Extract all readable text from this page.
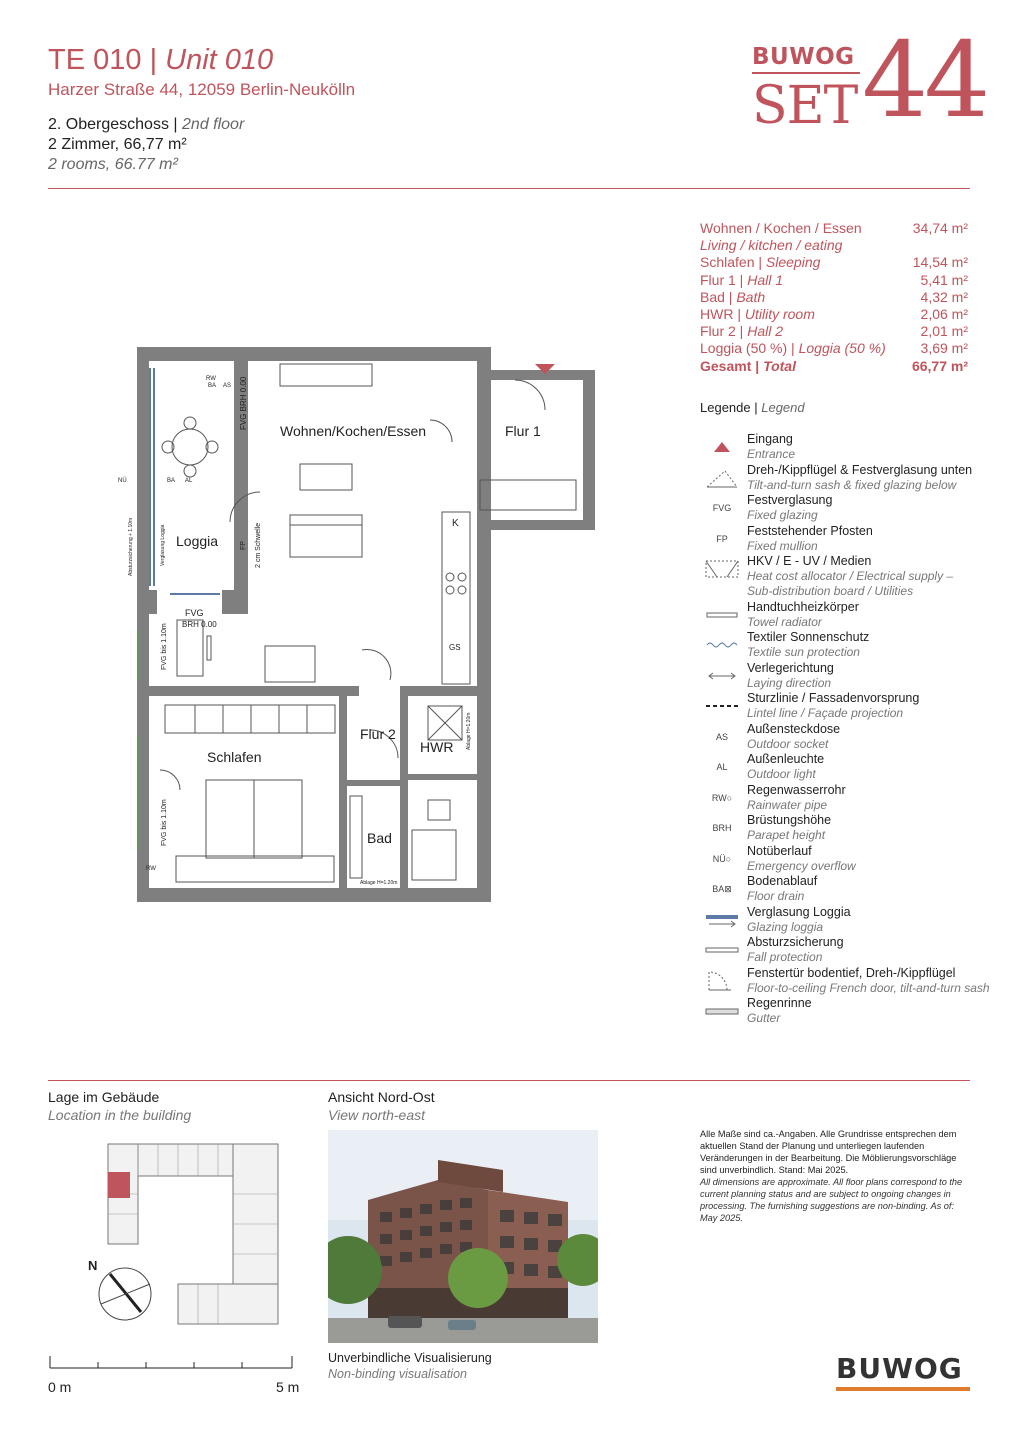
TE 010 | Unit 010
Harzer Straße 44, 12059 Berlin-Neukölln
2. Obergeschoss | 2nd floor
2 Zimmer, 66,77 m²
2 rooms, 66.77 m²
BUWOG
SET 44
Wohnen / Kochen / Essen	34,74 m²
Living / kitchen / eating
Schlafen | Sleeping	14,54 m²
Flur 1 | Hall 1	5,41 m²
Bad | Bath	4,32 m²
HWR | Utility room	2,06 m²
Flur 2 | Hall 2	2,01 m²
Loggia (50 %) | Loggia (50 %) 3,69 m²
Gesamt | Total	66,77 m²
Legende | Legend
Eingang
Entrance
Dreh-/Kippflügel & Festverglasung unten
Tilt-and-turn sash & fixed glazing below
FVG
Festverglasung
Fixed glazing
FP
Feststehender Pfosten
Fixed mullion
HKV / E - UV / Medien
Heat cost allocator / Electrical supply –
Sub-distribution board / Utilities
Handtuchheizkörper
Towel radiator
Textiler Sonnenschutz
Textile sun protection
Verlegerichtung
Laying direction
Sturzlinie / Fassadenvorsprung
Lintel line / Façade projection
AS
Außensteckdose
Outdoor socket
AL
Außenleuchte
Outdoor light
RW ○
Regenwasserrohr
Rainwater pipe
BRH
Brüstungshöhe
Parapet height
NÜ ○
Notüberlauf
Emergency overflow
BA ⊠
Bodenablauf
Floor drain
Verglasung Loggia
Glazing loggia
Absturzsicherung
Fall protection
Fenstertür bodentief, Dreh-/Kippflügel
Floor-to-ceiling French door, tilt-and-turn sash
Regenrinne
Gutter
Wohnen/Kochen/Essen	Flur 1
Loggia
Schlafen
Flur 2
HWR
Bad
FVG
BRH 0.00
K
GS
RW
BA AS
BA AL
NÜ
RW
Ablage H=1.20m
FVG BRH 0.00
2 cm Schwelle
FP
FVG bis 1.10m
FVG bis 1.10m
Absturzsicherung + 1.10m	Verglasung Loggia
Ablage H=1.20m
Lage im Gebäude
Location in the building
N
Ansicht Nord-Ost
View north-east
Unverbindliche Visualisierung
Non-binding visualisation
Alle Maße sind ca.-Angaben. Alle Grundrisse entsprechen dem aktuellen Stand der Planung und unterliegen laufenden Veränderungen in der Bearbeitung. Die Möblierungsvorschläge sind unverbindlich. Stand: Mai 2025.
All dimensions are approximate. All floor plans correspond to the current planning status and are subject to ongoing changes in processing. The furnishing suggestions are non-binding. As of: May 2025.
0 m	5 m
BUWOG
